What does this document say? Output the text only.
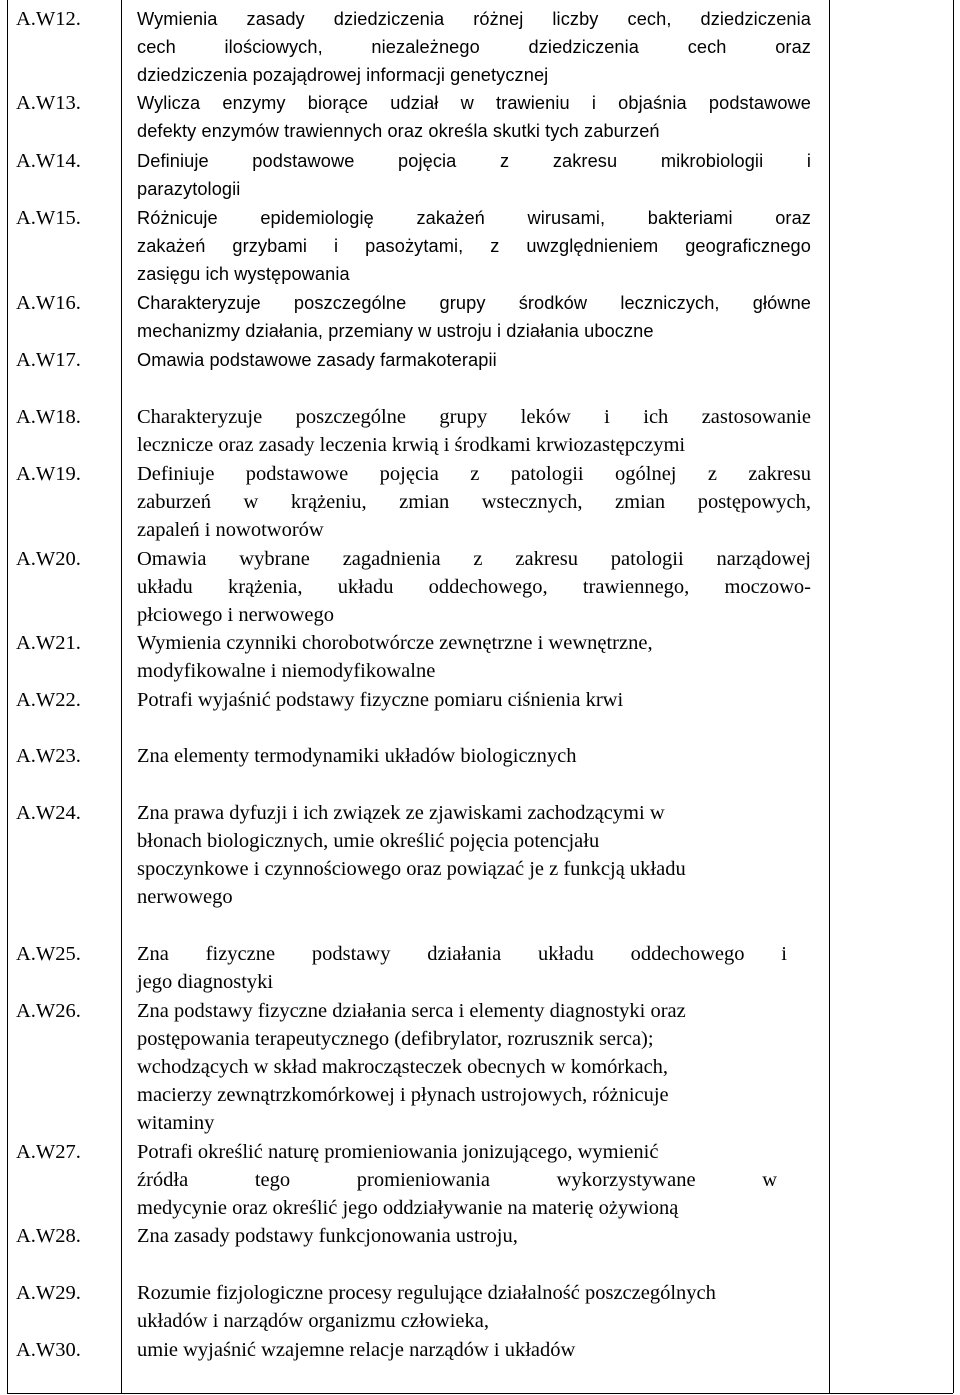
A.W12.	Wymienia zasady dziedziczenia różnej liczby cech, dziedziczenia
cech ilościowych, niezależnego dziedziczenia cech oraz
dziedziczenia pozajądrowej informacji genetycznej
A.W13.	Wylicza enzymy biorące udział w trawieniu i objaśnia podstawowe
defekty enzymów trawiennych oraz określa skutki tych zaburzeń
A.W14.	Definiuje podstawowe pojęcia z zakresu mikrobiologii i
parazytologii
A.W15.	Różnicuje epidemiologię zakażeń wirusami, bakteriami oraz
zakażeń grzybami i pasożytami, z uwzględnieniem geograficznego
zasięgu ich występowania
A.W16.	Charakteryzuje poszczególne grupy środków leczniczych, główne
mechanizmy działania, przemiany w ustroju i działania uboczne
A.W17.	Omawia podstawowe zasady farmakoterapii
A.W18.	Charakteryzuje poszczególne grupy leków i ich zastosowanie
lecznicze oraz zasady leczenia krwią i środkami krwiozastępczymi
A.W19.	Definiuje podstawowe pojęcia z patologii ogólnej z zakresu
zaburzeń w krążeniu, zmian wstecznych, zmian postępowych,
zapaleń i nowotworów
A.W20.	Omawia wybrane zagadnienia z zakresu patologii narządowej
układu krążenia, układu oddechowego, trawiennego, moczowo-
płciowego i nerwowego
A.W21.	Wymienia czynniki chorobotwórcze zewnętrzne i wewnętrzne,
modyfikowalne i niemodyfikowalne
A.W22.	Potrafi wyjaśnić podstawy fizyczne pomiaru ciśnienia krwi
A.W23.	Zna elementy termodynamiki układów biologicznych
A.W24.	Zna prawa dyfuzji i ich związek ze zjawiskami zachodzącymi w
błonach biologicznych, umie określić pojęcia potencjału
spoczynkowe i czynnościowego oraz powiązać je z funkcją układu
nerwowego
A.W25.	Zna fizyczne podstawy działania układu oddechowego i
jego diagnostyki
A.W26.	Zna podstawy fizyczne działania serca i elementy diagnostyki oraz
postępowania terapeutycznego (defibrylator, rozrusznik serca);
wchodzących w skład makrocząsteczek obecnych w komórkach,
macierzy zewnątrzkomórkowej i płynach ustrojowych, różnicuje
witaminy
A.W27.	Potrafi określić naturę promieniowania jonizującego, wymienić
źródła tego promieniowania wykorzystywane w
medycynie oraz określić jego oddziaływanie na materię ożywioną
A.W28.	Zna zasady podstawy funkcjonowania ustroju,
A.W29.	Rozumie fizjologiczne procesy regulujące działalność poszczególnych
układów i narządów organizmu człowieka,
A.W30.	umie wyjaśnić wzajemne relacje narządów i układów
